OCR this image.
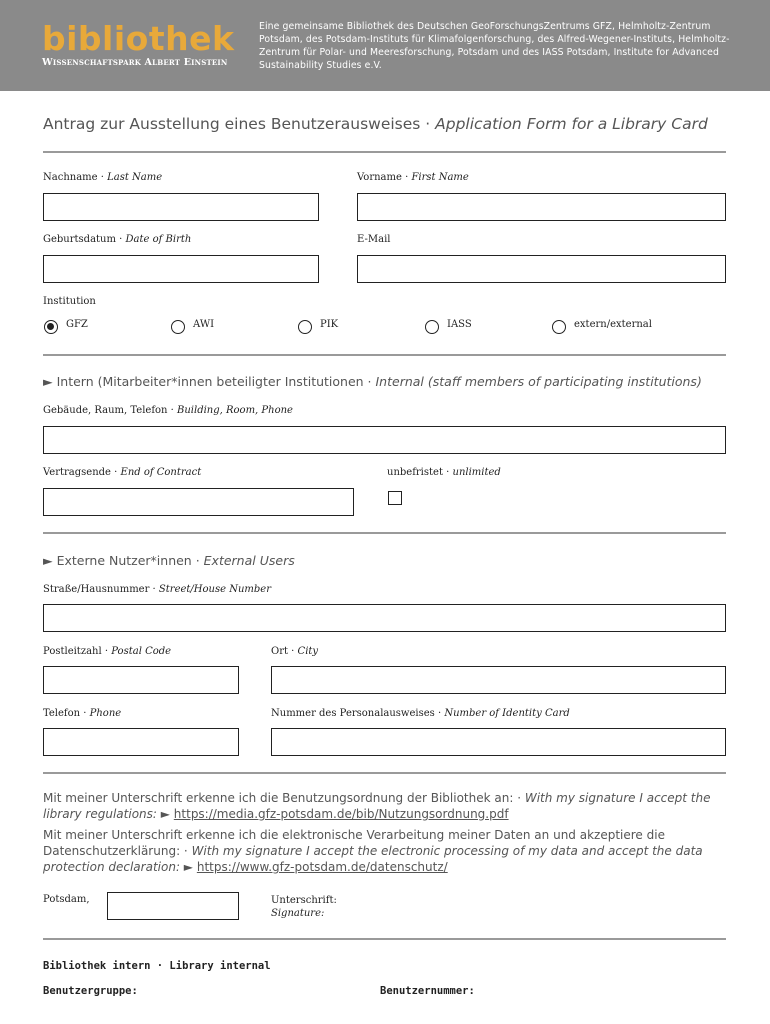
bibliothek
Wissenschaftspark Albert Einstein
Eine gemeinsame Bibliothek des Deutschen GeoForschungsZentrums GFZ, Helmholtz-Zentrum Potsdam, des Potsdam-Instituts für Klimafolgenforschung, des Alfred-Wegener-Instituts, Helmholtz-Zentrum für Polar- und Meeresforschung, Potsdam und des IASS Potsdam, Institute for Advanced Sustainability Studies e.V.
Antrag zur Ausstellung eines Benutzerausweises · Application Form for a Library Card
Nachname · Last Name	Vorname · First Name
Geburtsdatum · Date of Birth	E-Mail
Institution
GFZ	AWI	PIK	IASS	extern/external
► Intern (Mitarbeiter*innen beteiligter Institutionen · Internal (staff members of participating institutions)
Gebäude, Raum, Telefon · Building, Room, Phone
Vertragsende · End of Contract	unbefristet · unlimited
► Externe Nutzer*innen · External Users
Straße/Hausnummer · Street/House Number
Postleitzahl · Postal Code	Ort · City
Telefon · Phone	Nummer des Personalausweises · Number of Identity Card
Mit meiner Unterschrift erkenne ich die Benutzungsordnung der Bibliothek an: · With my signature I accept the library regulations: ► https://media.gfz-potsdam.de/bib/Nutzungsordnung.pdf
Mit meiner Unterschrift erkenne ich die elektronische Verarbeitung meiner Daten an und akzeptiere die Datenschutzerklärung: · With my signature I accept the electronic processing of my data and accept the data protection declaration: ► https://www.gfz-potsdam.de/datenschutz/
Potsdam,	Unterschrift:
Signature:
Bibliothek intern · Library internal
Benutzergruppe:	Benutzernummer:
